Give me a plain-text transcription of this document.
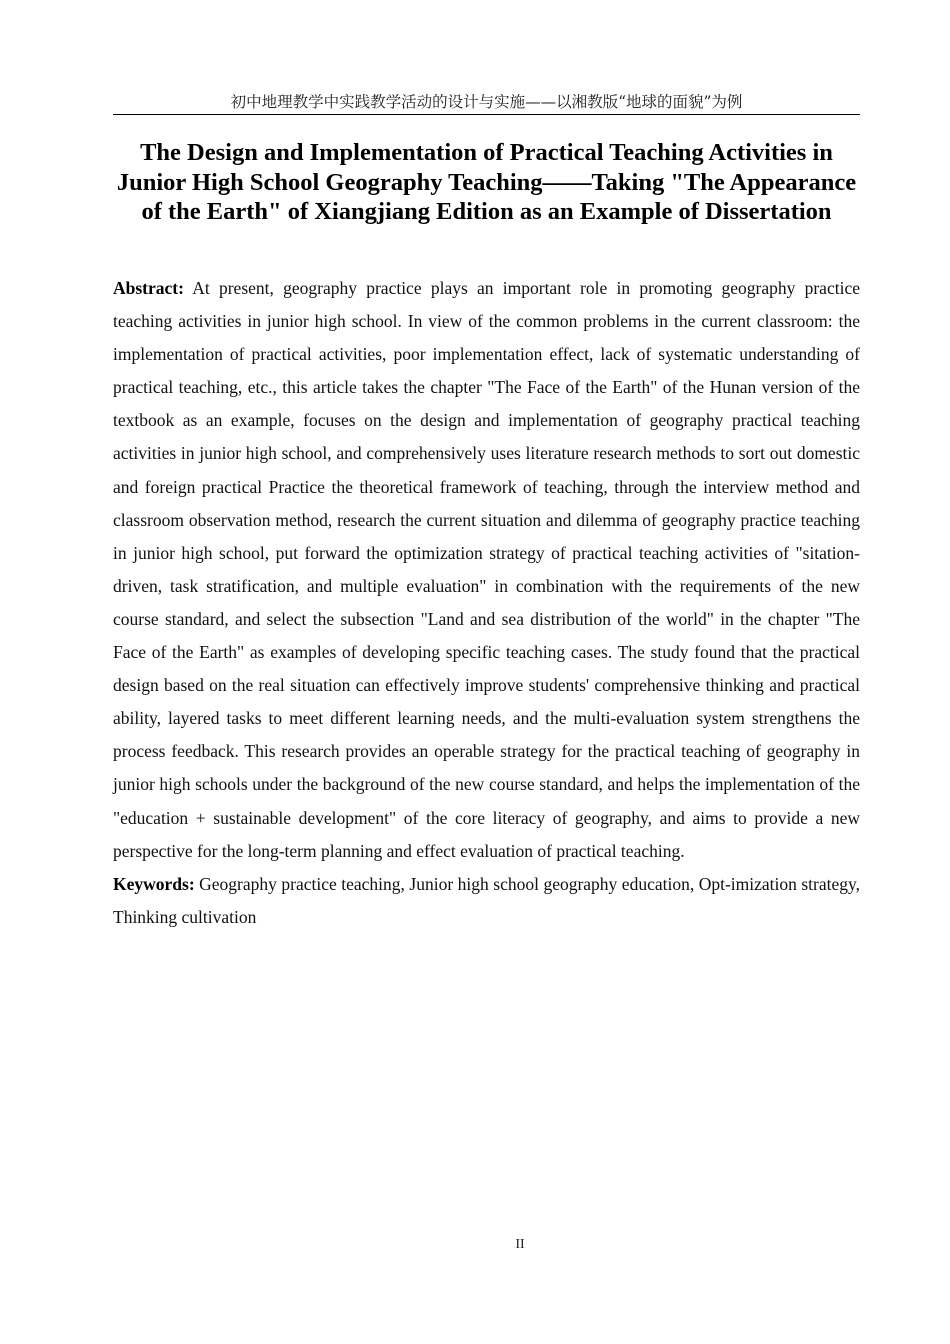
初中地理教学中实践教学活动的设计与实施——以湘教版“地球的面貌”为例
The Design and Implementation of Practical Teaching Activities in Junior High School Geography Teaching——Taking "The Appearance of the Earth" of Xiangjiang Edition as an Example of Dissertation

Abstract: At present, geography practice plays an important role in promoting geography practice teaching activities in junior high school. In view of the common problems in the current classroom: the implementation of practical activities, poor implementation effect, lack of systematic understanding of practical teaching, etc., this article takes the chapter "The Face of the Earth" of the Hunan version of the textbook as an example, focuses on the design and implementation of geography practical teaching activities in junior high school, and comprehensively uses literature research methods to sort out domestic and foreign practical Practice the theoretical framework of teaching, through the interview method and classroom observation method, research the current situation and dilemma of geography practice teaching in junior high school, put forward the optimization strategy of practical teaching activities of "sitation-driven, task stratification, and multiple evaluation" in combination with the requirements of the new course standard, and select the subsection "Land and sea distribution of the world" in the chapter "The Face of the Earth" as examples of developing specific teaching cases. The study found that the practical design based on the real situation can effectively improve students' comprehensive thinking and practical ability, layered tasks to meet different learning needs, and the multi-evaluation system strengthens the process feedback. This research provides an operable strategy for the practical teaching of geography in junior high schools under the background of the new course standard, and helps the implementation of the "education + sustainable development" of the core literacy of geography, and aims to provide a new perspective for the long-term planning and effect evaluation of practical teaching.

Keywords: Geography practice teaching, Junior high school geography education, Opt-imization strategy, Thinking cultivation

II
